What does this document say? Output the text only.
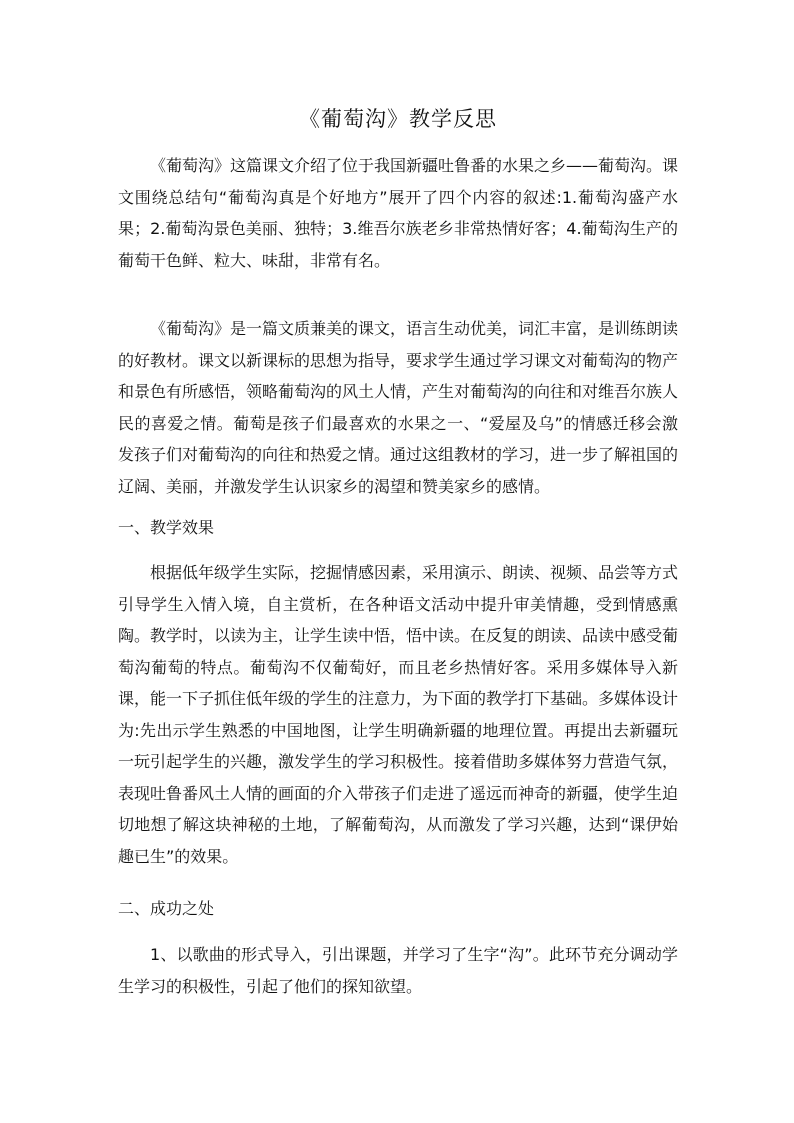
《葡萄沟》教学反思

《葡萄沟》这篇课文介绍了位于我国新疆吐鲁番的水果之乡——葡萄沟。课文围绕总结句“葡萄沟真是个好地方”展开了四个内容的叙述:1.葡萄沟盛产水果；2.葡萄沟景色美丽、独特；3.维吾尔族老乡非常热情好客；4.葡萄沟生产的葡萄干色鲜、粒大、味甜，非常有名。

《葡萄沟》是一篇文质兼美的课文，语言生动优美，词汇丰富，是训练朗读的好教材。课文以新课标的思想为指导，要求学生通过学习课文对葡萄沟的物产和景色有所感悟，领略葡萄沟的风土人情，产生对葡萄沟的向往和对维吾尔族人民的喜爱之情。葡萄是孩子们最喜欢的水果之一、“爱屋及乌”的情感迁移会激发孩子们对葡萄沟的向往和热爱之情。通过这组教材的学习，进一步了解祖国的辽阔、美丽，并激发学生认识家乡的渴望和赞美家乡的感情。

一、教学效果

根据低年级学生实际，挖掘情感因素，采用演示、朗读、视频、品尝等方式引导学生入情入境，自主赏析，在各种语文活动中提升审美情趣，受到情感熏陶。教学时，以读为主，让学生读中悟，悟中读。在反复的朗读、品读中感受葡萄沟葡萄的特点。葡萄沟不仅葡萄好，而且老乡热情好客。采用多媒体导入新课，能一下子抓住低年级的学生的注意力，为下面的教学打下基础。多媒体设计为:先出示学生熟悉的中国地图，让学生明确新疆的地理位置。再提出去新疆玩一玩引起学生的兴趣，激发学生的学习积极性。接着借助多媒体努力营造气氛，表现吐鲁番风土人情的画面的介入带孩子们走进了遥远而神奇的新疆，使学生迫切地想了解这块神秘的土地，了解葡萄沟，从而激发了学习兴趣，达到“课伊始趣已生”的效果。

二、成功之处

1、以歌曲的形式导入，引出课题，并学习了生字“沟”。此环节充分调动学生学习的积极性，引起了他们的探知欲望。
